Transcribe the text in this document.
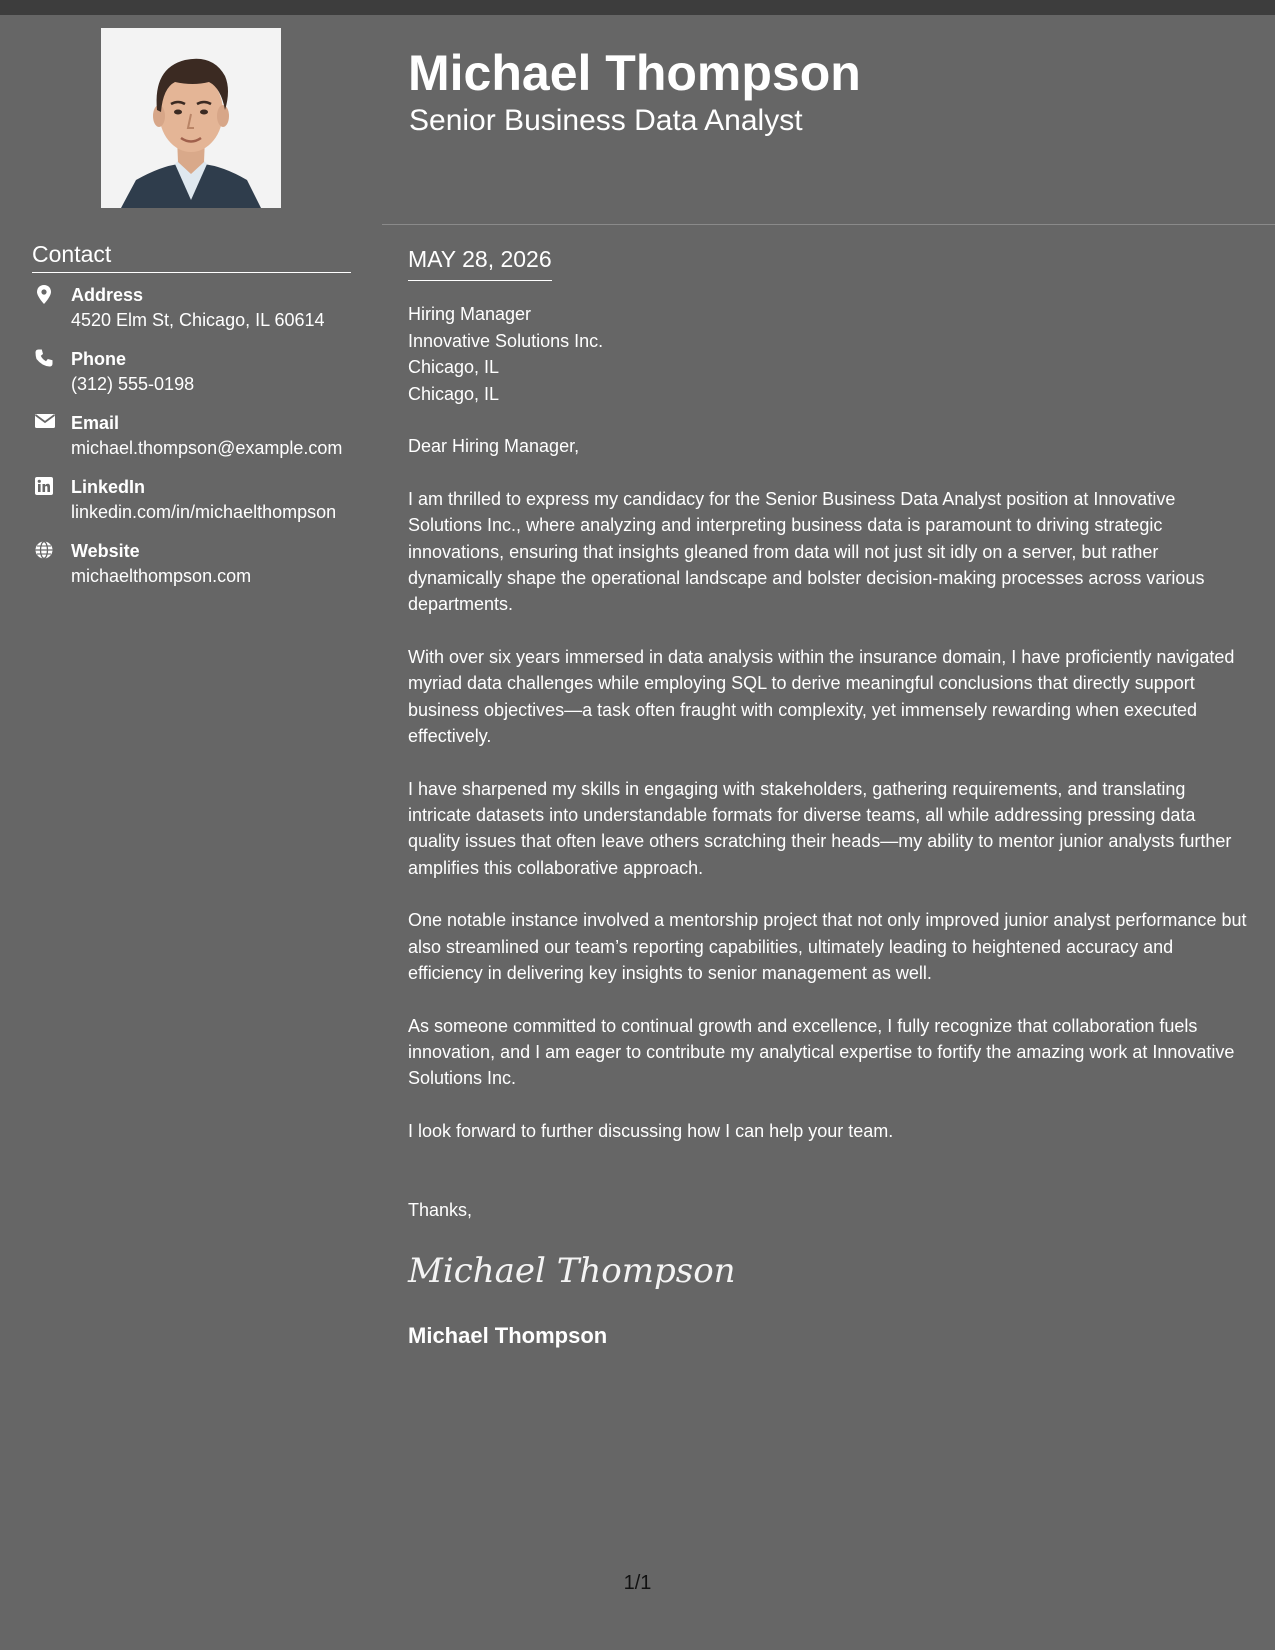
Contact
Address
4520 Elm St, Chicago, IL 60614
Phone
(312) 555-0198
Email
michael.thompson@example.com
LinkedIn
linkedin.com/in/michaelthompson
Website
michaelthompson.com
Michael Thompson
Senior Business Data Analyst
MAY 28, 2026
Hiring Manager
Innovative Solutions Inc.
Chicago, IL
Chicago, IL
Dear Hiring Manager,

I am thrilled to express my candidacy for the Senior Business Data Analyst position at Innovative Solutions Inc., where analyzing and interpreting business data is paramount to driving strategic innovations, ensuring that insights gleaned from data will not just sit idly on a server, but rather dynamically shape the operational landscape and bolster decision-making processes across various departments.

With over six years immersed in data analysis within the insurance domain, I have proficiently navigated myriad data challenges while employing SQL to derive meaningful conclusions that directly support business objectives—a task often fraught with complexity, yet immensely rewarding when executed effectively.

I have sharpened my skills in engaging with stakeholders, gathering requirements, and translating intricate datasets into understandable formats for diverse teams, all while addressing pressing data quality issues that often leave others scratching their heads—my ability to mentor junior analysts further amplifies this collaborative approach.

One notable instance involved a mentorship project that not only improved junior analyst performance but also streamlined our team’s reporting capabilities, ultimately leading to heightened accuracy and efficiency in delivering key insights to senior management as well.

As someone committed to continual growth and excellence, I fully recognize that collaboration fuels innovation, and I am eager to contribute my analytical expertise to fortify the amazing work at Innovative Solutions Inc.

I look forward to further discussing how I can help your team.

Thanks,
Michael Thompson
Michael Thompson
1/1
